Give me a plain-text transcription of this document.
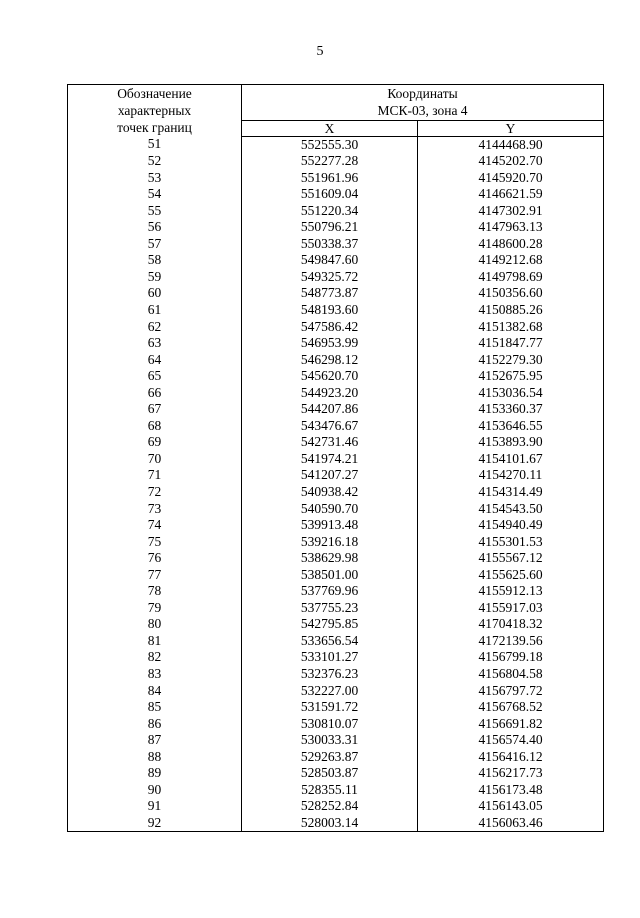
5
Обозначение
характерных
точек границ	Координаты
МСК-03, зона 4	

	X	Y
51	552555.30	4144468.90
52	552277.28	4145202.70
53	551961.96	4145920.70
54	551609.04	4146621.59
55	551220.34	4147302.91
56	550796.21	4147963.13
57	550338.37	4148600.28
58	549847.60	4149212.68
59	549325.72	4149798.69
60	548773.87	4150356.60
61	548193.60	4150885.26
62	547586.42	4151382.68
63	546953.99	4151847.77
64	546298.12	4152279.30
65	545620.70	4152675.95
66	544923.20	4153036.54
67	544207.86	4153360.37
68	543476.67	4153646.55
69	542731.46	4153893.90
70	541974.21	4154101.67
71	541207.27	4154270.11
72	540938.42	4154314.49
73	540590.70	4154543.50
74	539913.48	4154940.49
75	539216.18	4155301.53
76	538629.98	4155567.12
77	538501.00	4155625.60
78	537769.96	4155912.13
79	537755.23	4155917.03
80	542795.85	4170418.32
81	533656.54	4172139.56
82	533101.27	4156799.18
83	532376.23	4156804.58
84	532227.00	4156797.72
85	531591.72	4156768.52
86	530810.07	4156691.82
87	530033.31	4156574.40
88	529263.87	4156416.12
89	528503.87	4156217.73
90	528355.11	4156173.48
91	528252.84	4156143.05
92	528003.14	4156063.46
